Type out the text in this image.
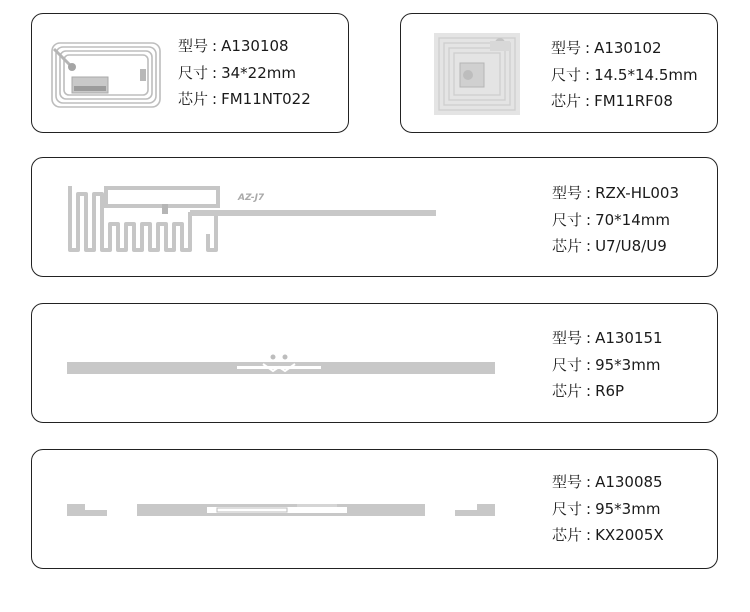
型号 : A130108
尺寸 : 34*22mm
芯片 : FM11NT022
型号 : A130102
尺寸 : 14.5*14.5mm
芯片 : FM11RF08
AZ-J7	型号 : RZX-HL003
尺寸 : 70*14mm
芯片 : U7/U8/U9
型号 : A130151
尺寸 : 95*3mm
芯片 : R6P
型号 : A130085
尺寸 : 95*3mm
芯片 : KX2005X
